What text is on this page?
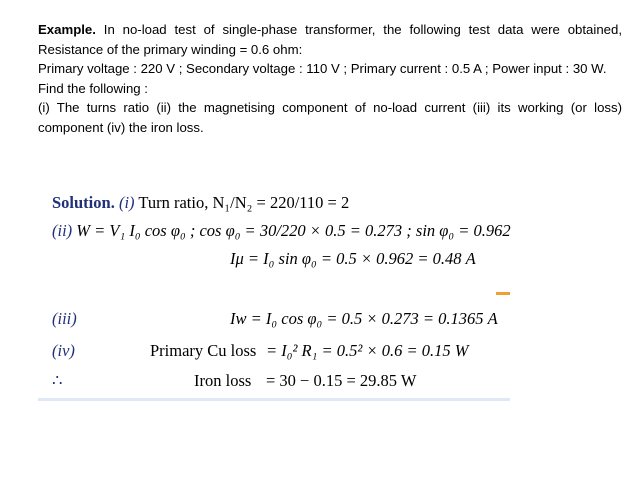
Example. In no-load test of single-phase transformer, the following test data were obtained, Resistance of the primary winding = 0.6 ohm:

Primary voltage : 220 V ; Secondary voltage : 110 V ; Primary current : 0.5 A ; Power input : 30 W.

Find the following :

(i) The turns ratio (ii) the magnetising component of no-load current (iii) its working (or loss) component (iv) the iron loss.

Solution. (i) Turn ratio, N₁/N₂ = 220/110 = 2
(ii) W = V₁ I₀ cos φ₀ ; cos φ₀ = 30/220 × 0.5 = 0.273 ; sin φ₀ = 0.962
Iμ = I₀ sin φ₀ = 0.5 × 0.962 = 0.48 A
(iii)	Iw = I₀ cos φ₀ = 0.5 × 0.273 = 0.1365 A
(iv)	Primary Cu loss = I₀² R₁ = 0.5² × 0.6 = 0.15 W
∴	Iron loss = 30 − 0.15 = 29.85 W
